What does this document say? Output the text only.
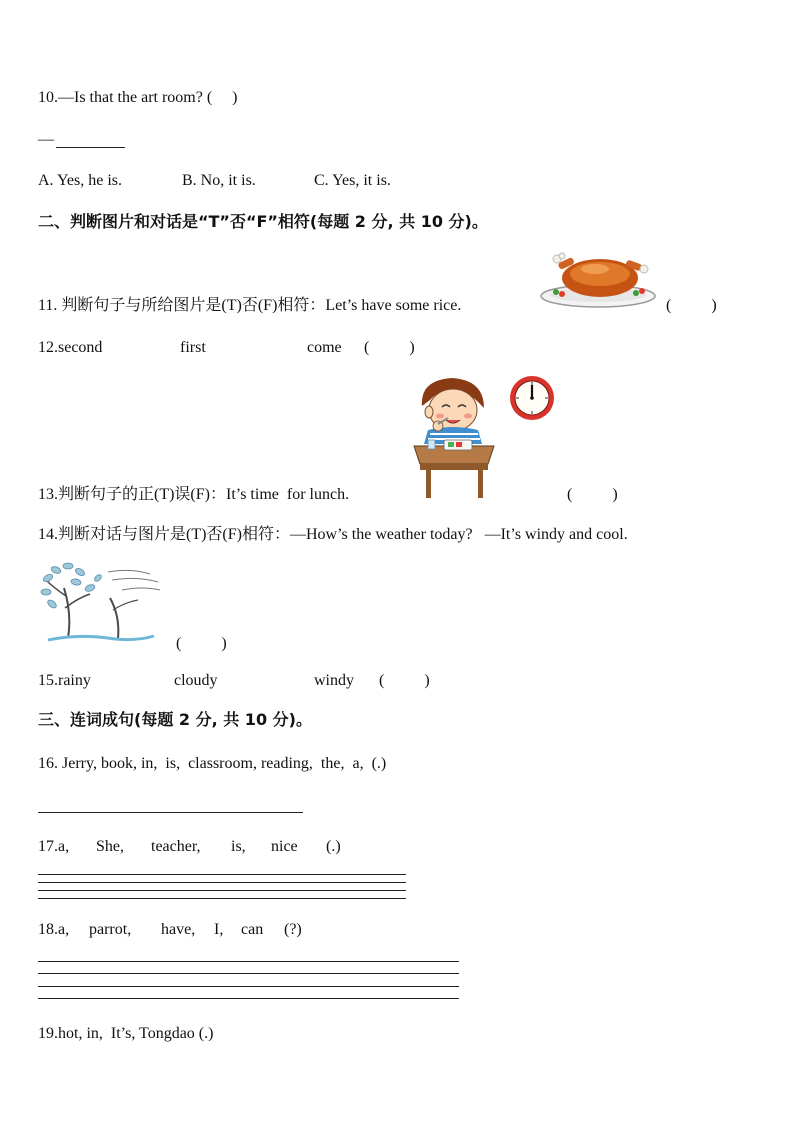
10.—Is that the art room? (     )
—
A. Yes, he is.	B. No, it is.	C. Yes, it is.
二、判断图片和对话是“T”否“F”相符(每题 2 分, 共 10 分)。
11. 判断句子与所给图片是(T)否(F)相符：Let’s have some rice.	(          )
12.second	first	come (          )
13.判断句子的正(T)误(F)：It’s time  for lunch.	(          )
14.判断对话与图片是(T)否(F)相符：—How’s the weather today?   —It’s windy and cool.
(          )
15.rainy	cloudy	windy (          )
三、连词成句(每题 2 分, 共 10 分)。
16. Jerry, book, in,  is,  classroom, reading,  the,  a,  (.)
17.a, She, teacher, is, nice (.)
18.a, parrot, have, I, can (?)
19.hot, in,  It’s, Tongdao (.)
